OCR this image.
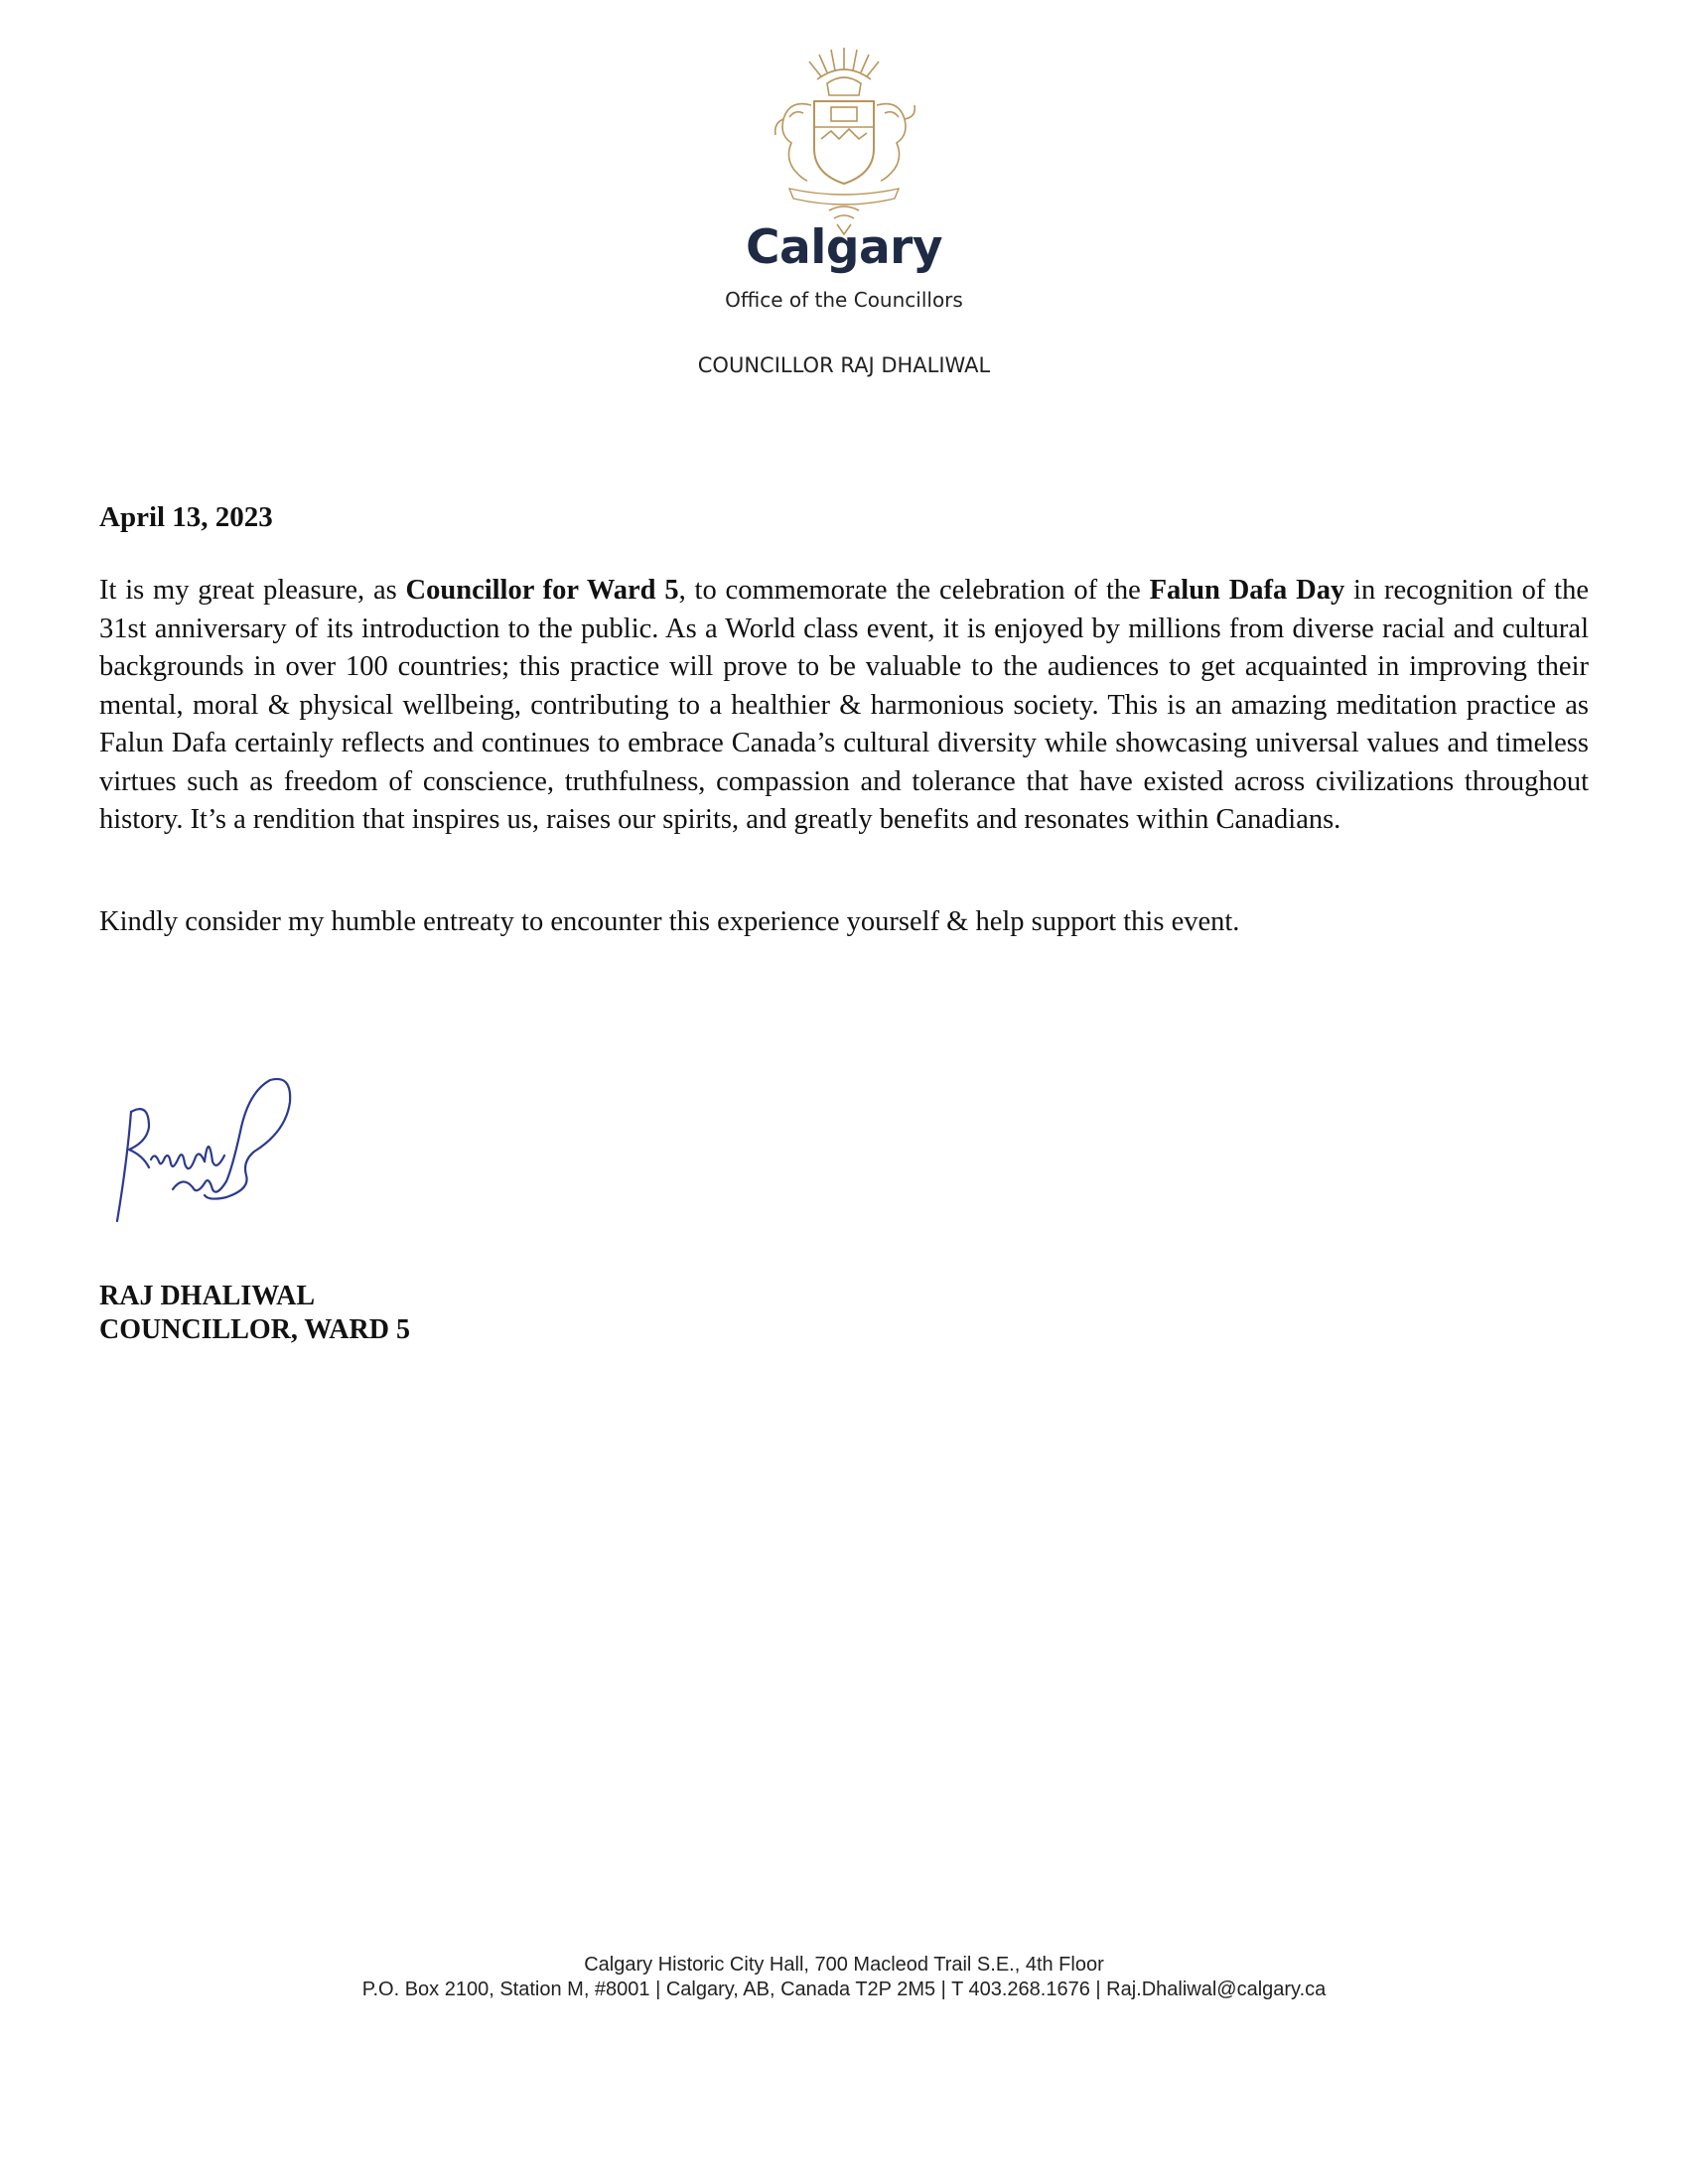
Calgary
Office of the Councillors
COUNCILLOR RAJ DHALIWAL
April 13, 2023

It is my great pleasure, as Councillor for Ward 5, to commemorate the celebration of the Falun Dafa Day in recognition of the 31st anniversary of its introduction to the public. As a World class event, it is enjoyed by millions from diverse racial and cultural backgrounds in over 100 countries; this practice will prove to be valuable to the audiences to get acquainted in improving their mental, moral & physical wellbeing, contributing to a healthier & harmonious society. This is an amazing meditation practice as Falun Dafa certainly reflects and continues to embrace Canada’s cultural diversity while showcasing universal values and timeless virtues such as freedom of conscience, truthfulness, compassion and tolerance that have existed across civilizations throughout history. It’s a rendition that inspires us, raises our spirits, and greatly benefits and resonates within Canadians.

Kindly consider my humble entreaty to encounter this experience yourself & help support this event.

RAJ DHALIWAL
COUNCILLOR, WARD 5
Calgary Historic City Hall, 700 Macleod Trail S.E., 4th Floor
P.O. Box 2100, Station M, #8001 | Calgary, AB, Canada T2P 2M5 | T 403.268.1676 | Raj.Dhaliwal@calgary.ca
